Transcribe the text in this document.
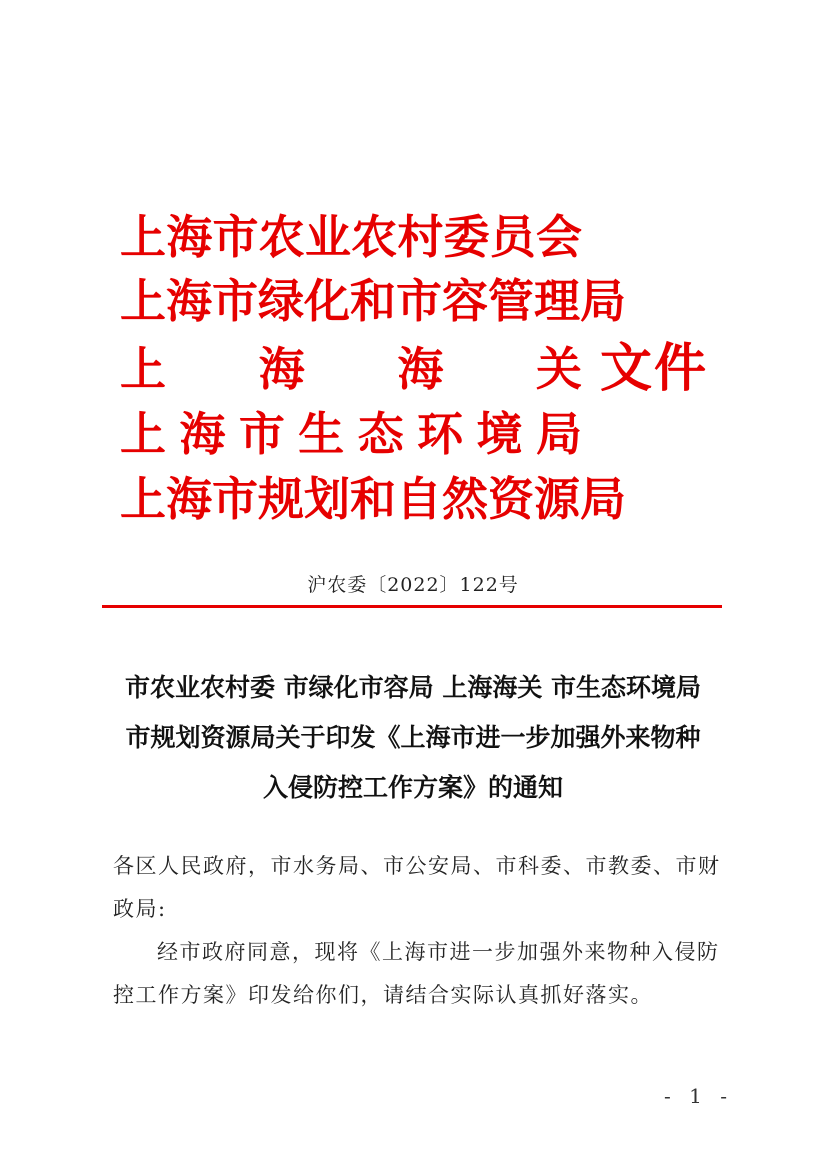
上 海 市 农 业 农 村 委 员 会
上 海 市 绿 化 和 市 容 管 理 局
上 海 海 关
上 海 市 生 态 环 境 局
上 海 市 规 划 和 自 然 资 源 局
文件
沪农委〔2022〕122号
市农业农村委 市绿化市容局 上海海关 市生态环境局
市规划资源局关于印发《上海市进一步加强外来物种
入侵防控工作方案》的通知
各区人民政府，市水务局、市公安局、市科委、市教委、市财
政局:
经市政府同意，现将《上海市进一步加强外来物种入侵防
控工作方案》印发给你们，请结合实际认真抓好落实。
- 1 -
